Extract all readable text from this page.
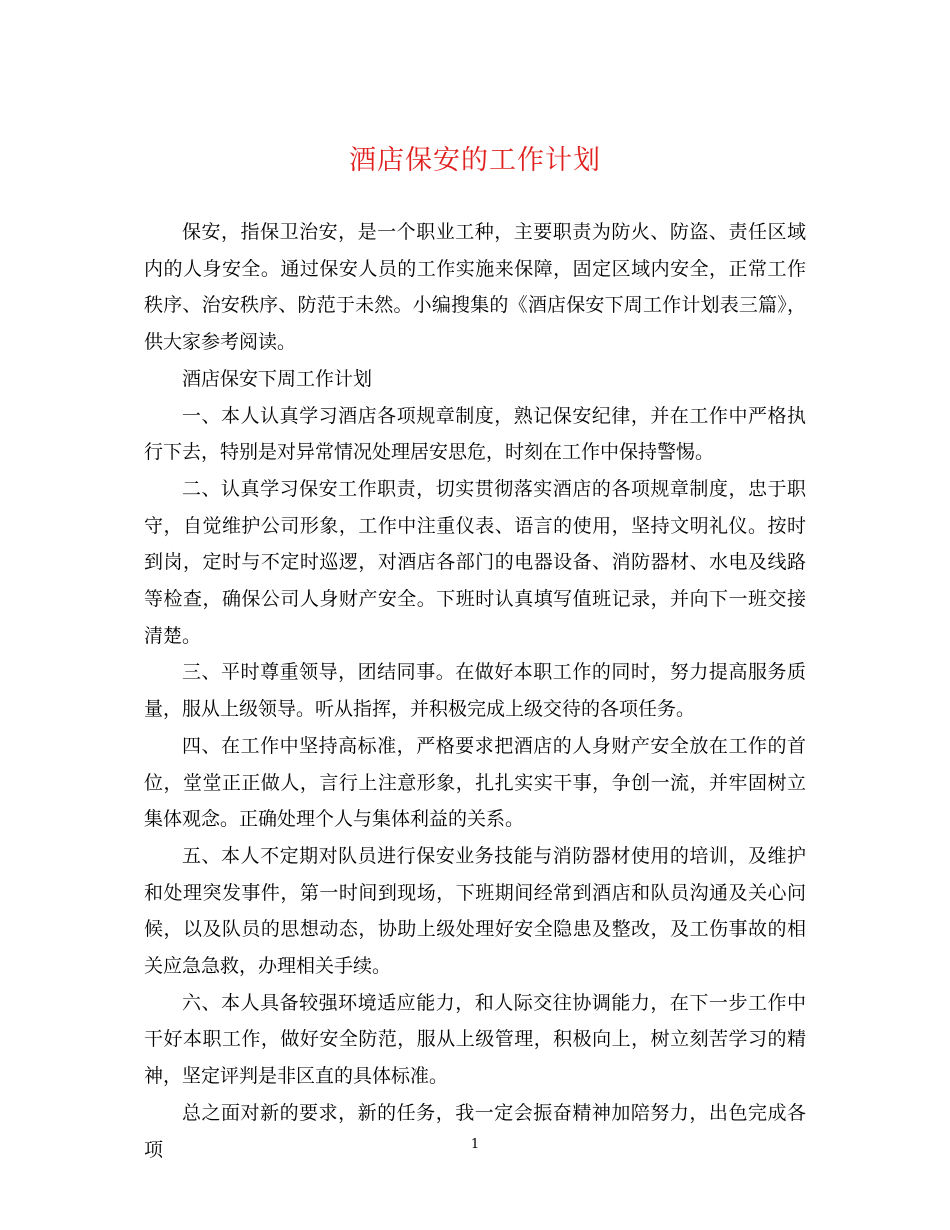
酒店保安的工作计划

保安，指保卫治安，是一个职业工种，主要职责为防火、防盗、责任区域内的人身安全。通过保安人员的工作实施来保障，固定区域内安全，正常工作秩序、治安秩序、防范于未然。小编搜集的《酒店保安下周工作计划表三篇》，供大家参考阅读。

酒店保安下周工作计划

一、本人认真学习酒店各项规章制度，熟记保安纪律，并在工作中严格执行下去，特别是对异常情况处理居安思危，时刻在工作中保持警惕。

二、认真学习保安工作职责，切实贯彻落实酒店的各项规章制度，忠于职守，自觉维护公司形象，工作中注重仪表、语言的使用，坚持文明礼仪。按时到岗，定时与不定时巡逻，对酒店各部门的电器设备、消防器材、水电及线路等检查，确保公司人身财产安全。下班时认真填写值班记录，并向下一班交接清楚。

三、平时尊重领导，团结同事。在做好本职工作的同时，努力提高服务质量，服从上级领导。听从指挥，并积极完成上级交待的各项任务。

四、在工作中坚持高标准，严格要求把酒店的人身财产安全放在工作的首位，堂堂正正做人，言行上注意形象，扎扎实实干事，争创一流，并牢固树立集体观念。正确处理个人与集体利益的关系。

五、本人不定期对队员进行保安业务技能与消防器材使用的培训，及维护和处理突发事件，第一时间到现场，下班期间经常到酒店和队员沟通及关心问候，以及队员的思想动态，协助上级处理好安全隐患及整改，及工伤事故的相关应急急救，办理相关手续。

六、本人具备较强环境适应能力，和人际交往协调能力，在下一步工作中干好本职工作，做好安全防范，服从上级管理，积极向上，树立刻苦学习的精神，坚定评判是非区直的具体标准。

总之面对新的要求，新的任务，我一定会振奋精神加陪努力，出色完成各项	1
